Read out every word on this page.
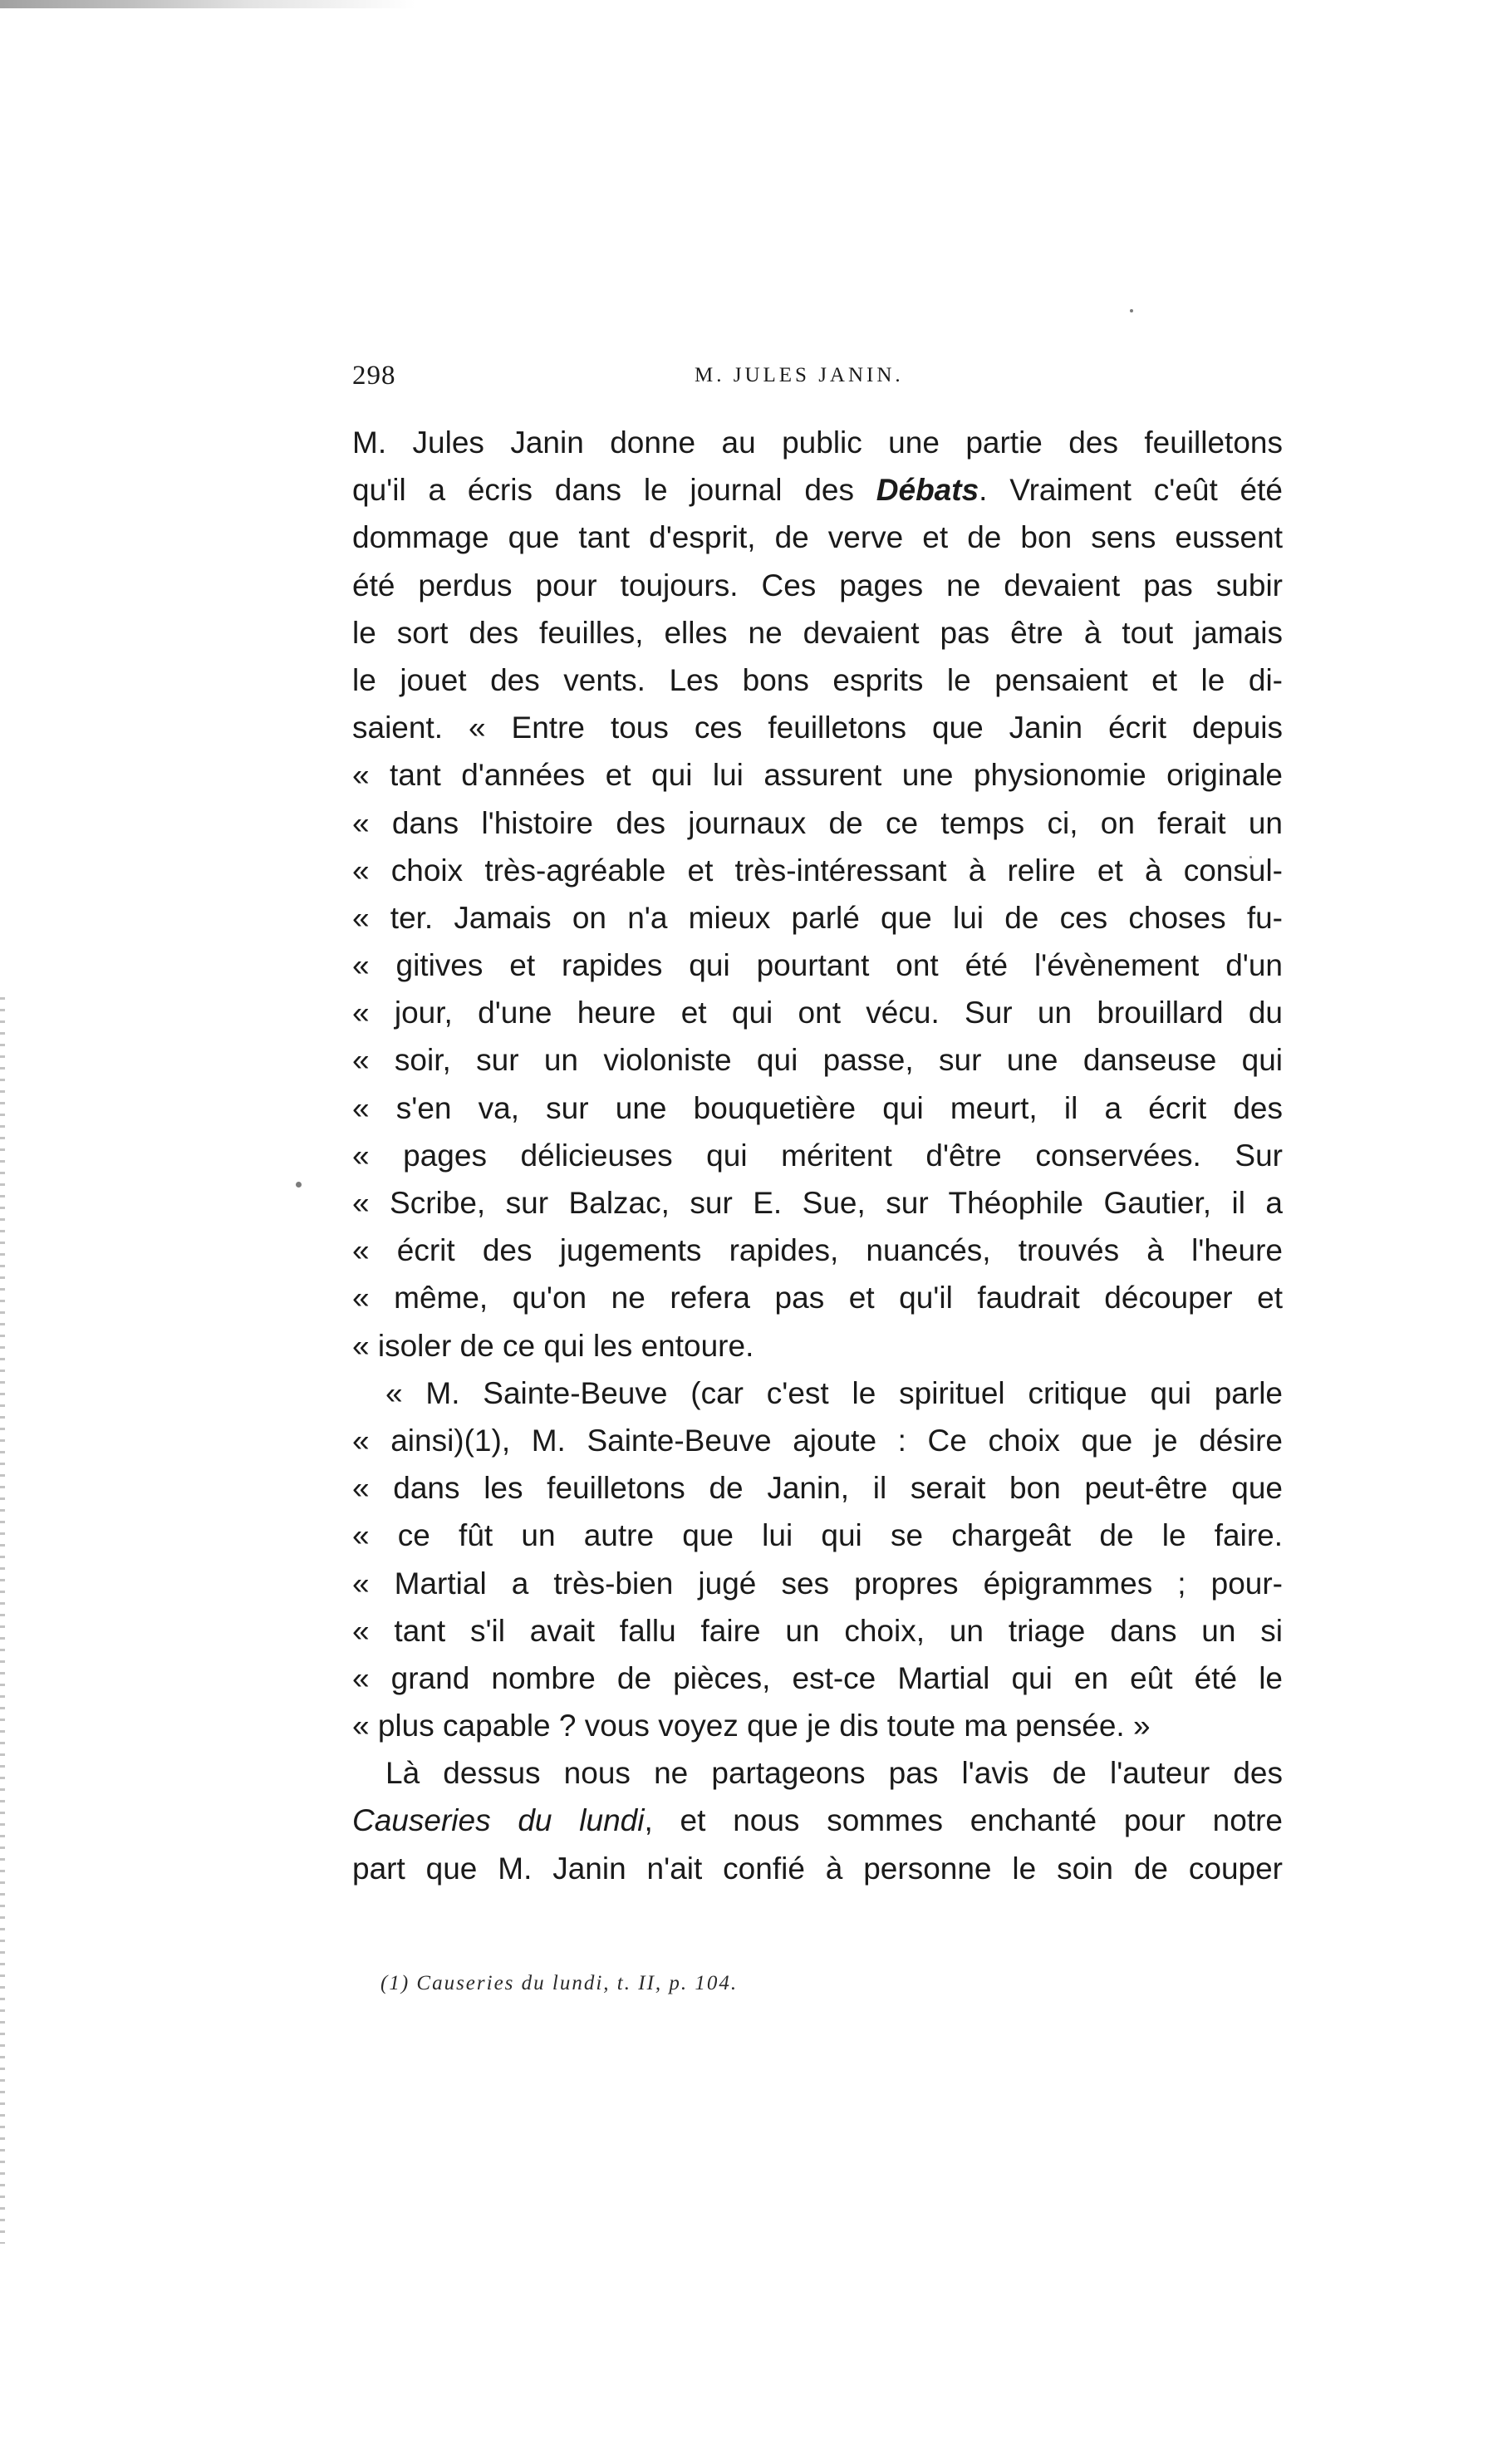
298	M. JULES JANIN.
M. Jules Janin donne au public une partie des feuilletons
qu'il a écris dans le journal des Débats. Vraiment c'eût été
dommage que tant d'esprit, de verve et de bon sens eussent
été perdus pour toujours. Ces pages ne devaient pas subir
le sort des feuilles, elles ne devaient pas être à tout jamais
le jouet des vents. Les bons esprits le pensaient et le di-
saient. « Entre tous ces feuilletons que Janin écrit depuis
« tant d'années et qui lui assurent une physionomie originale
« dans l'histoire des journaux de ce temps ci, on ferait un
« choix très-agréable et très-intéressant à relire et à consul-
« ter. Jamais on n'a mieux parlé que lui de ces choses fu-
« gitives et rapides qui pourtant ont été l'évènement d'un
« jour, d'une heure et qui ont vécu. Sur un brouillard du
« soir, sur un violoniste qui passe, sur une danseuse qui
« s'en va, sur une bouquetière qui meurt, il a écrit des
« pages délicieuses qui méritent d'être conservées. Sur
« Scribe, sur Balzac, sur E. Sue, sur Théophile Gautier, il a
« écrit des jugements rapides, nuancés, trouvés à l'heure
« même, qu'on ne refera pas et qu'il faudrait découper et
« isoler de ce qui les entoure.
« M. Sainte-Beuve (car c'est le spirituel critique qui parle
« ainsi)(1), M. Sainte-Beuve ajoute : Ce choix que je désire
« dans les feuilletons de Janin, il serait bon peut-être que
« ce fût un autre que lui qui se chargeât de le faire.
« Martial a très-bien jugé ses propres épigrammes ; pour-
« tant s'il avait fallu faire un choix, un triage dans un si
« grand nombre de pièces, est-ce Martial qui en eût été le
« plus capable ? vous voyez que je dis toute ma pensée. »
Là dessus nous ne partageons pas l'avis de l'auteur des
Causeries du lundi, et nous sommes enchanté pour notre
part que M. Janin n'ait confié à personne le soin de couper
(1) Causeries du lundi, t. II, p. 104.
